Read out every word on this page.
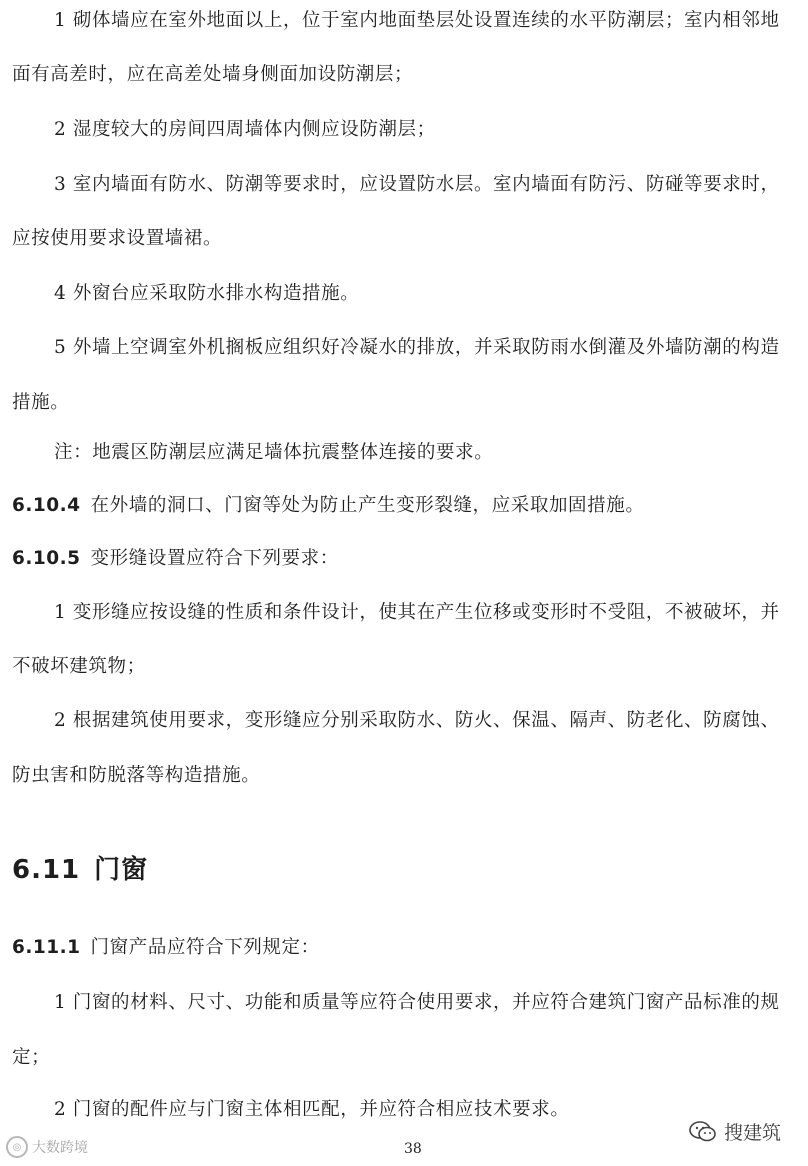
1 砌体墙应在室外地面以上，位于室内地面垫层处设置连续的水平防潮层；室内相邻地
面有高差时，应在高差处墙身侧面加设防潮层；
2 湿度较大的房间四周墙体内侧应设防潮层；
3 室内墙面有防水、防潮等要求时，应设置防水层。室内墙面有防污、防碰等要求时，
应按使用要求设置墙裙。
4 外窗台应采取防水排水构造措施。
5 外墙上空调室外机搁板应组织好冷凝水的排放，并采取防雨水倒灌及外墙防潮的构造
措施。
注：地震区防潮层应满足墙体抗震整体连接的要求。
6.10.4 在外墙的洞口、门窗等处为防止产生变形裂缝，应采取加固措施。
6.10.5 变形缝设置应符合下列要求：
1 变形缝应按设缝的性质和条件设计，使其在产生位移或变形时不受阻，不被破坏，并
不破坏建筑物；
2 根据建筑使用要求，变形缝应分别采取防水、防火、保温、隔声、防老化、防腐蚀、
防虫害和防脱落等构造措施。
6.11 门窗
6.11.1 门窗产品应符合下列规定：
1 门窗的材料、尺寸、功能和质量等应符合使用要求，并应符合建筑门窗产品标准的规
定；
2 门窗的配件应与门窗主体相匹配，并应符合相应技术要求。
38
◎ 大数跨境
搜建筑
